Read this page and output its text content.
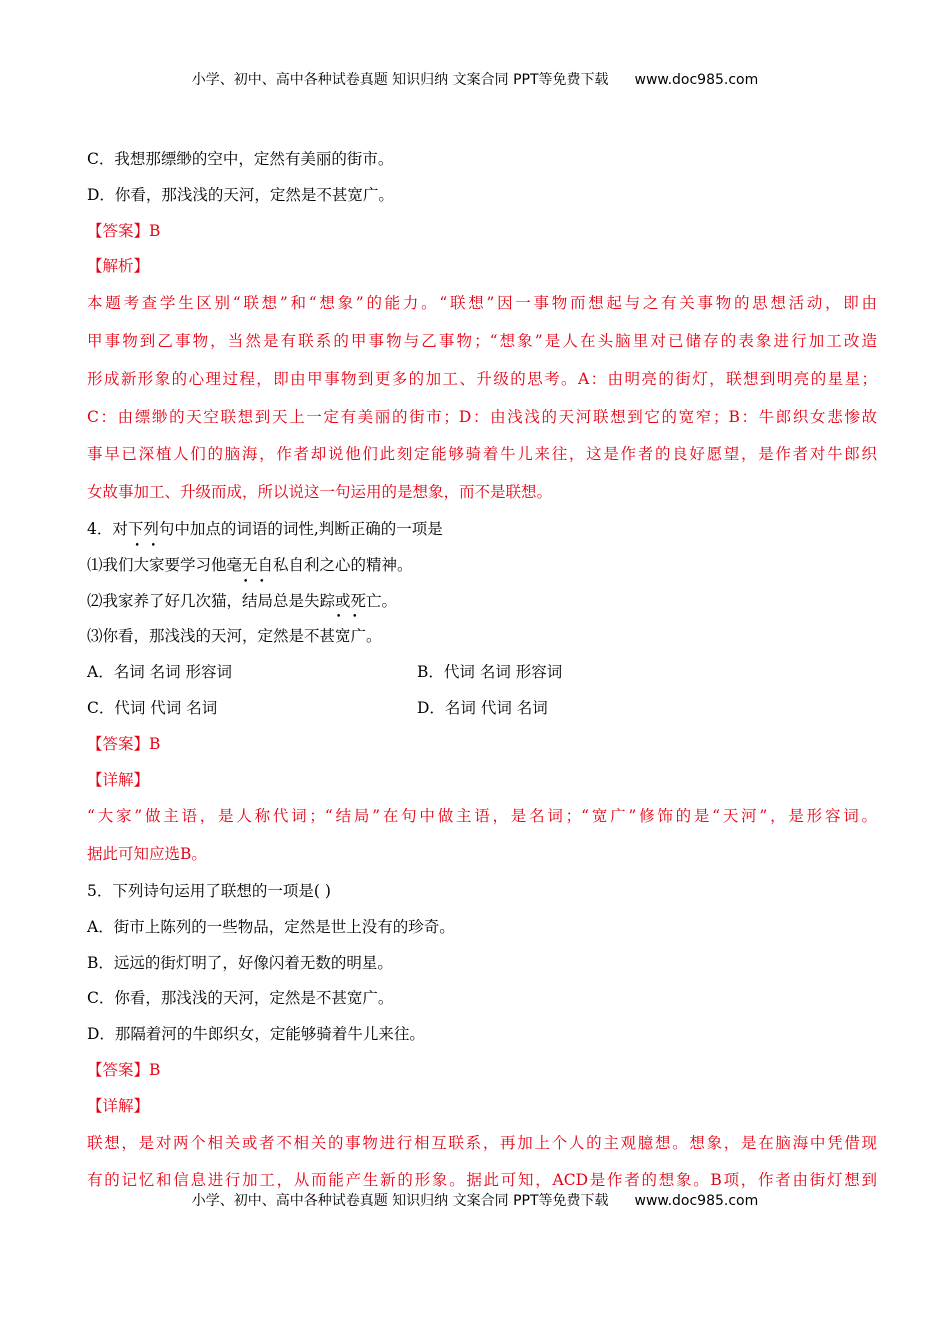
小学、初中、高中各种试卷真题 知识归纳 文案合同 PPT等免费下载 www.doc985.com
C．我想那缥缈的空中，定然有美丽的街市。
D．你看，那浅浅的天河，定然是不甚宽广。
【答案】B
【解析】
本题考查学生区别“联想”和“想象”的能力。“联想”因一事物而想起与之有关事物的思想活动，即由
甲事物到乙事物，当然是有联系的甲事物与乙事物；“想象”是人在头脑里对已储存的表象进行加工改造
形成新形象的心理过程，即由甲事物到更多的加工、升级的思考。A：由明亮的街灯，联想到明亮的星星；
C：由缥缈的天空联想到天上一定有美丽的街市；D：由浅浅的天河联想到它的宽窄；B：牛郎织女悲惨故
事早已深植人们的脑海，作者却说他们此刻定能够骑着牛儿来往，这是作者的良好愿望，是作者对牛郎织
女故事加工、升级而成，所以说这一句运用的是想象，而不是联想。
4．对下列句中加点的词语的词性,判断正确的一项是
⑴我们• • 大家要学习他毫无自私自利之心的精神。
⑵我家养了好几次猫，• • 结局总是失踪或死亡。
⑶你看，那浅浅的天河，定然是不甚• • 宽广。
A．名词 名词 形容词	B．代词 名词 形容词
C．代词 代词 名词	D．名词 代词 名词
【答案】B
【详解】
“大家”做主语，是人称代词；“结局”在句中做主语，是名词；“宽广”修饰的是“天河”，是形容词。
据此可知应选B。
5．下列诗句运用了联想的一项是( )
A．街市上陈列的一些物品，定然是世上没有的珍奇。
B．远远的街灯明了，好像闪着无数的明星。
C．你看，那浅浅的天河，定然是不甚宽广。
D．那隔着河的牛郎织女，定能够骑着牛儿来往。
【答案】B
【详解】
联想，是对两个相关或者不相关的事物进行相互联系，再加上个人的主观臆想。想象，是在脑海中凭借现
有的记忆和信息进行加工，从而能产生新的形象。据此可知，ACD是作者的想象。B项，作者由街灯想到
小学、初中、高中各种试卷真题 知识归纳 文案合同 PPT等免费下载 www.doc985.com
